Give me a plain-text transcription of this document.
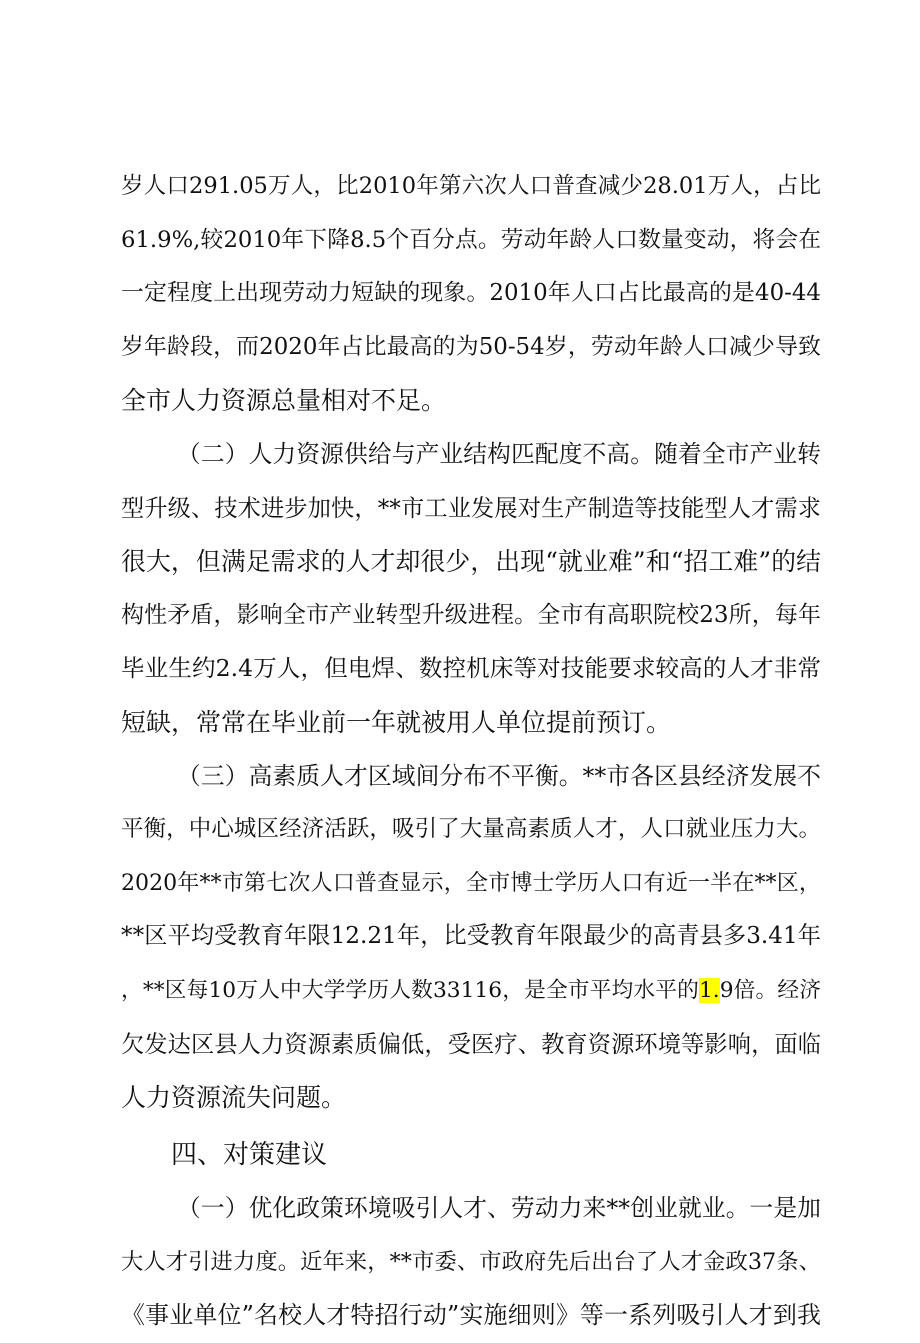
岁人口291.05万人，比2010年第六次人口普查减少28.01万人，占比
61.9%,较2010年下降8.5个百分点。劳动年龄人口数量变动，将会在
一定程度上出现劳动力短缺的现象。2010年人口占比最高的是40-44
岁年龄段，而2020年占比最高的为50-54岁，劳动年龄人口减少导致
全市人力资源总量相对不足。
（二）人力资源供给与产业结构匹配度不高。随着全市产业转
型升级、技术进步加快，**市工业发展对生产制造等技能型人才需求
很大，但满足需求的人才却很少，出现“就业难”和“招工难”的结
构性矛盾，影响全市产业转型升级进程。全市有高职院校23所，每年
毕业生约2.4万人，但电焊、数控机床等对技能要求较高的人才非常
短缺，常常在毕业前一年就被用人单位提前预订。
（三）高素质人才区域间分布不平衡。**市各区县经济发展不
平衡，中心城区经济活跃，吸引了大量高素质人才，人口就业压力大。
2020年**市第七次人口普查显示，全市博士学历人口有近一半在**区，
**区平均受教育年限12.21年，比受教育年限最少的高青县多3.41年
，**区每10万人中大学学历人数33116，是全市平均水平的1.9倍。经济
欠发达区县人力资源素质偏低，受医疗、教育资源环境等影响，面临
人力资源流失问题。
四、对策建议
（一）优化政策环境吸引人才、劳动力来**创业就业。一是加
大人才引进力度。近年来，**市委、市政府先后出台了人才金政37条、
《事业单位”名校人才特招行动”实施细则》等一系列吸引人才到我
